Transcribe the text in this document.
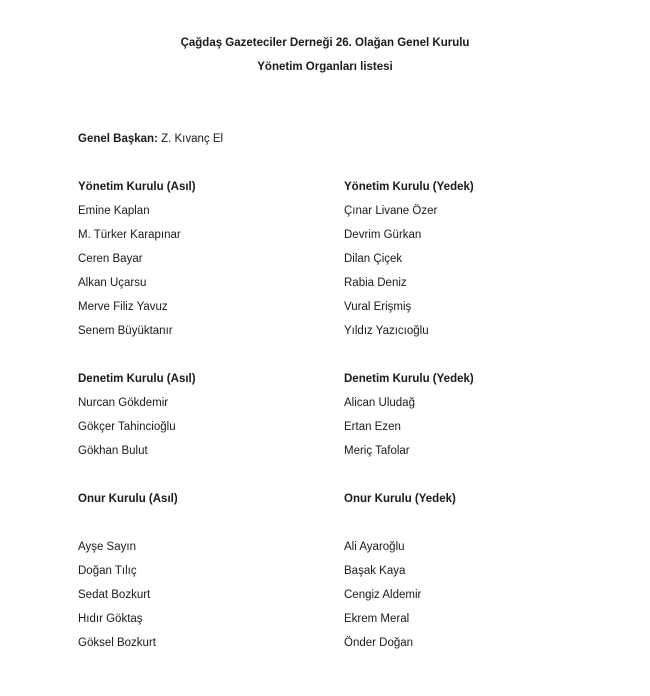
Çağdaş Gazeteciler Derneği 26. Olağan Genel Kurulu
Yönetim Organları listesi
Genel Başkan: Z. Kıvanç El
Yönetim Kurulu (Asıl)
Emine Kaplan
M. Türker Karapınar
Ceren Bayar
Alkan Uçarsu
Merve Filiz Yavuz
Senem Büyüktanır
Yönetim Kurulu (Yedek)
Çınar Livane Özer
Devrim Gürkan
Dilan Çiçek
Rabia Deniz
Vural Erişmiş
Yıldız Yazıcıoğlu
Denetim Kurulu (Asıl)
Nurcan Gökdemir
Gökçer Tahincioğlu
Gökhan Bulut
Denetim Kurulu (Yedek)
Alican Uludağ
Ertan Ezen
Meriç Tafolar
Onur Kurulu (Asıl)
Ayşe Sayın
Doğan Tılıç
Sedat Bozkurt
Hıdır Göktaş
Göksel Bozkurt
Onur Kurulu (Yedek)
Ali Ayaroğlu
Başak Kaya
Cengiz Aldemir
Ekrem Meral
Önder Doğan
